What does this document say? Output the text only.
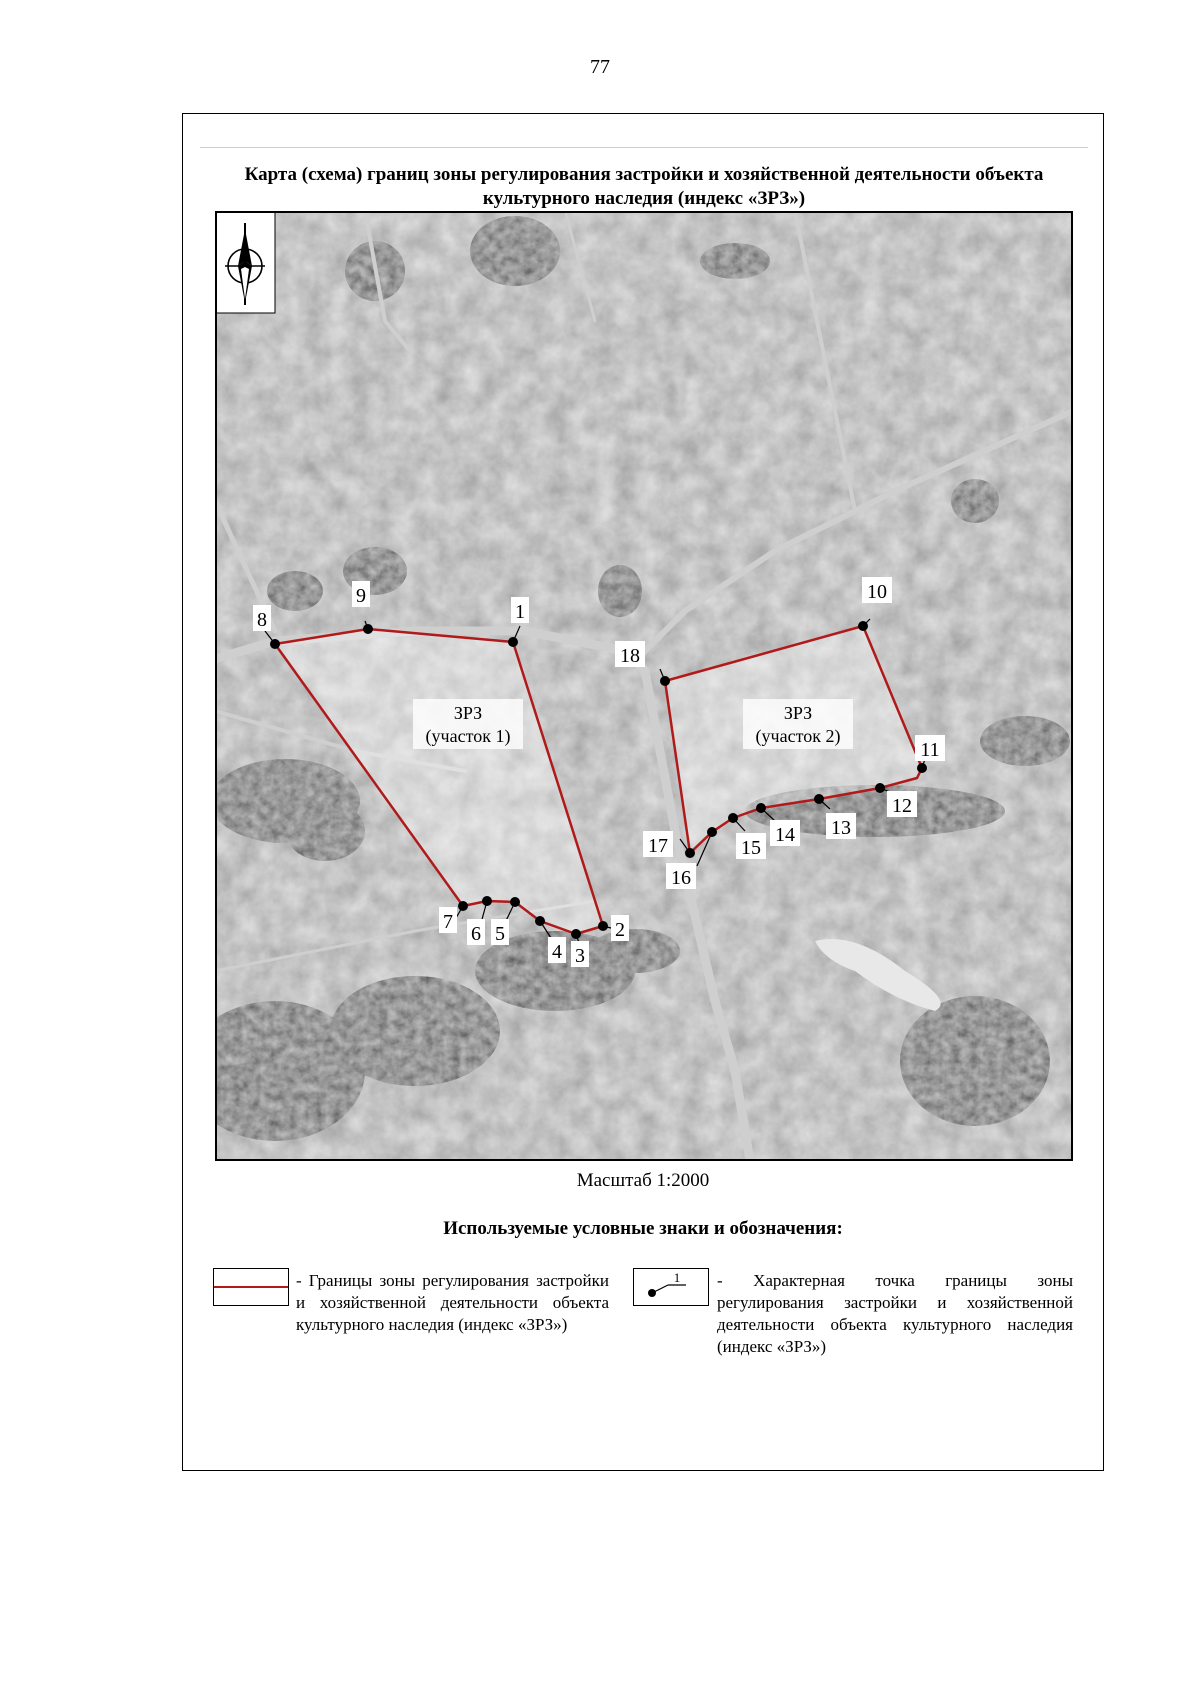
77
Карта (схема) границ зоны регулирования застройки и хозяйственной деятельности объекта культурного наследия (индекс «ЗРЗ»)
ЗРЗ
(участок 1)
ЗРЗ
(участок 2)
1
2
3
4
5
6
7
8
9	10
11
12
13
14
15
16
17
18
Масштаб 1:2000
Используемые условные знаки и обозначения:
- Границы зоны регулирования застройки и хозяйственной деятельности объекта культурного наследия (индекс «ЗРЗ»)
1 - Характерная точка границы зоны регулирования застройки и хозяйственной деятельности объекта культурного наследия (индекс «ЗРЗ»)
